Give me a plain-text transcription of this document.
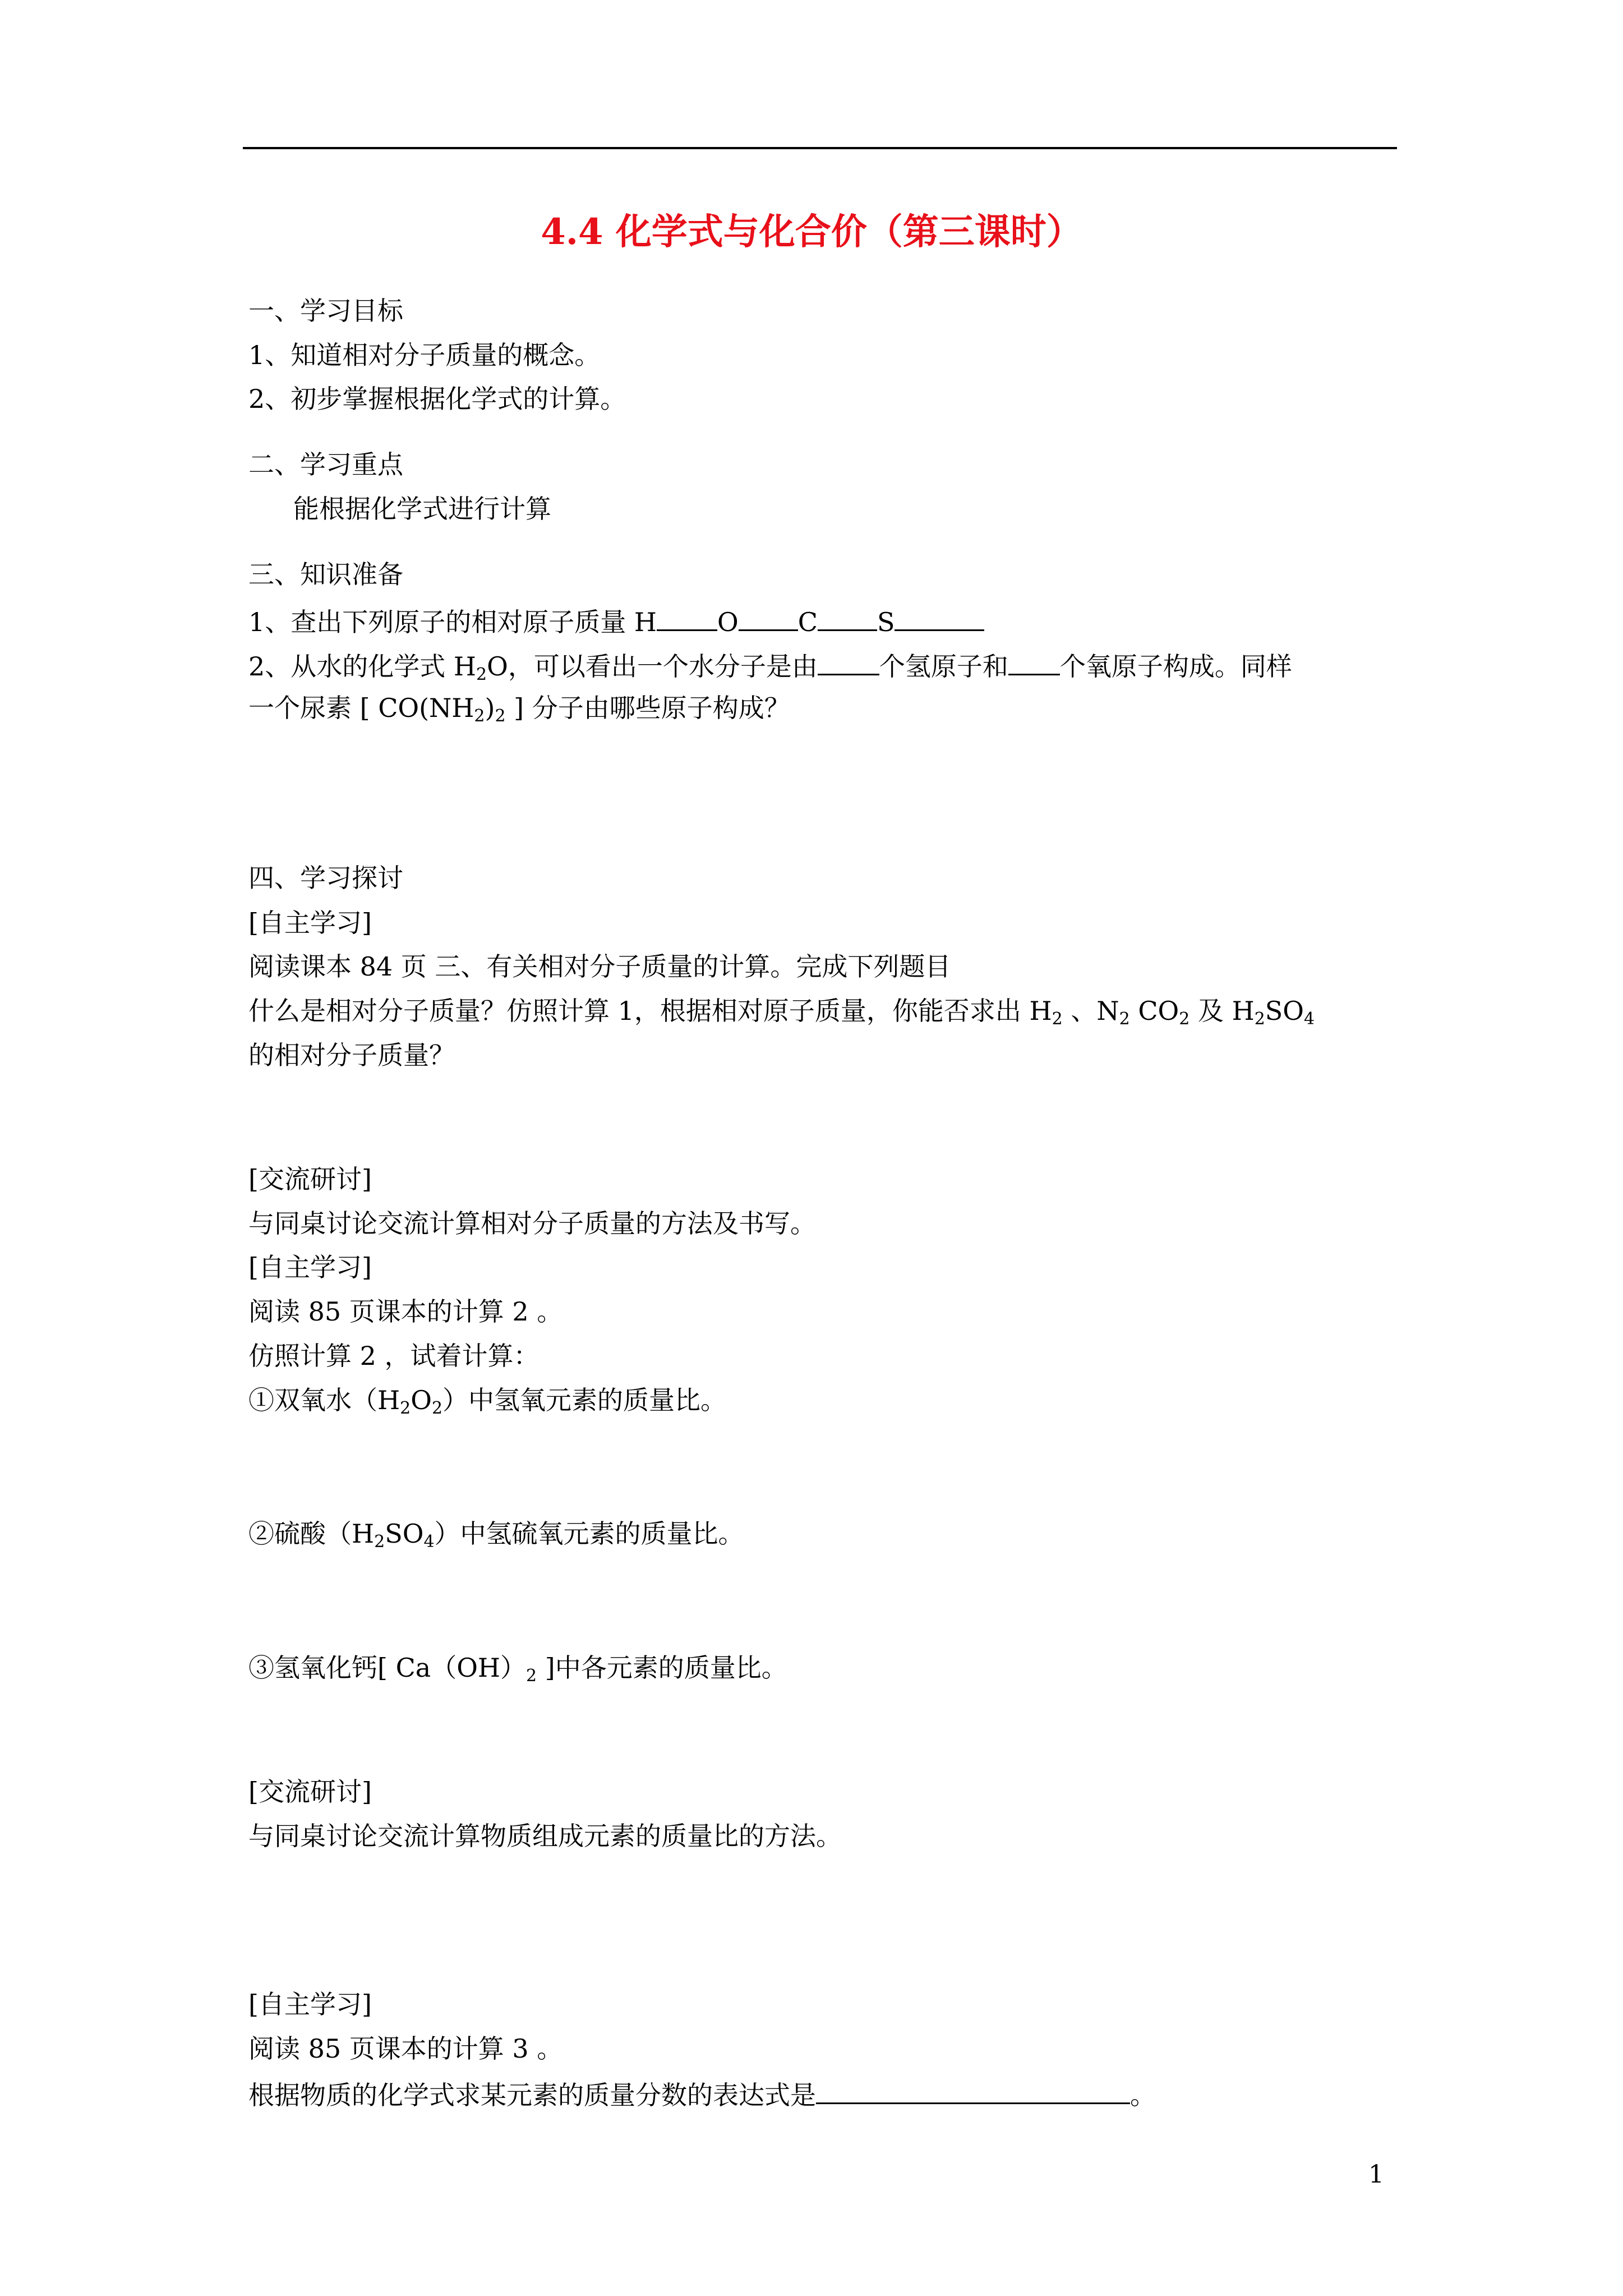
4.4 化学式与化合价（第三课时）
一、学习目标
1、知道相对分子质量的概念。
2、初步掌握根据化学式的计算。
二、学习重点
能根据化学式进行计算
三、知识准备
1、查出下列原子的相对原子质量 H O C S
2、从水的化学式 $H_2O$，可以看出一个水分子是由 个氢原子和 个氧原子构成。同样
一个尿素 [ $CO(NH_2)_2$ ] 分子由哪些原子构成？
四、学习探讨
[自主学习]
阅读课本 84 页 三、有关相对分子质量的计算。完成下列题目
什么是相对分子质量？仿照计算 1，根据相对原子质量，你能否求出 $H_2$ 、$N_2$ $CO_2$ 及 $H_2SO_4$
的相对分子质量？
[交流研讨]
与同桌讨论交流计算相对分子质量的方法及书写。
[自主学习]
阅读 85 页课本的计算 2 。
仿照计算 2 ，试着计算：
①双氧水$(H_2O_2)$中氢氧元素的质量比。
②硫酸$(H_2SO_4)$中氢硫氧元素的质量比。
③氢氧化钙[ $Ca(OH)_2$ ]中各元素的质量比。
[交流研讨]
与同桌讨论交流计算物质组成元素的质量比的方法。
[自主学习]
阅读 85 页课本的计算 3 。
根据物质的化学式求某元素的质量分数的表达式是	。
1
